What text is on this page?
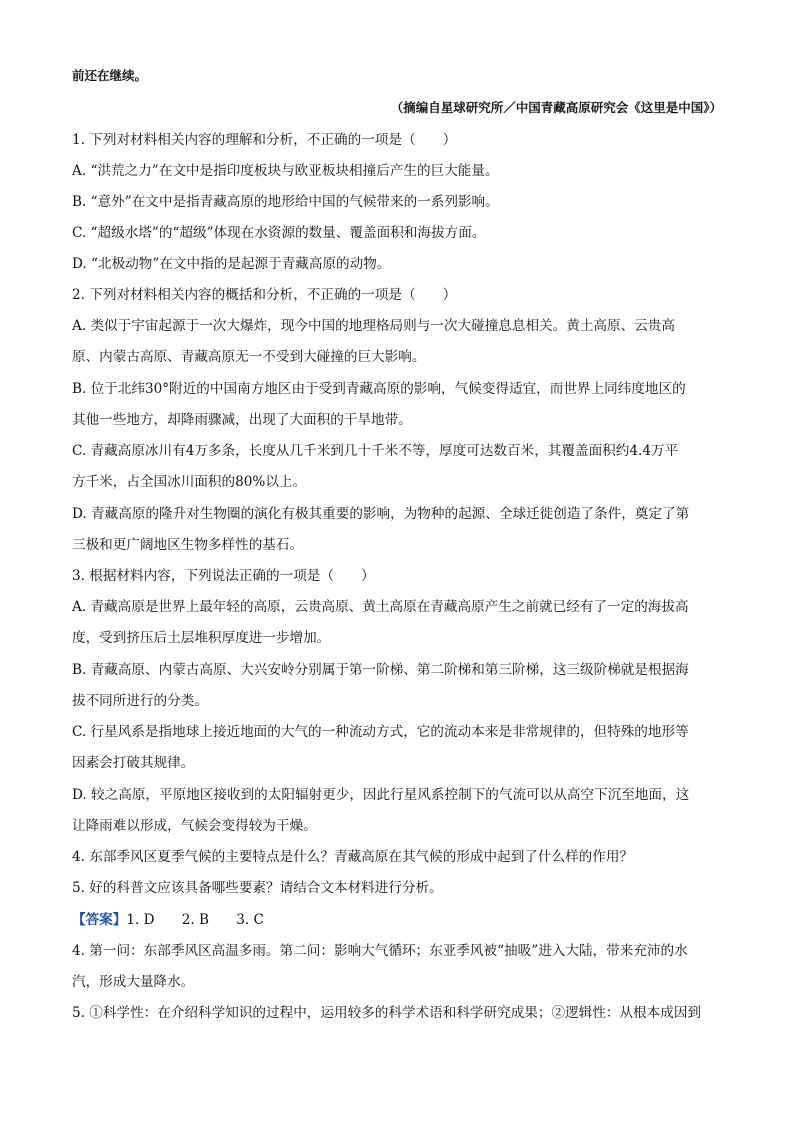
前还在继续。
（摘编自星球研究所／中国青藏高原研究会《这里是中国》）
1. 下列对材料相关内容的理解和分析，不正确的一项是（　　）
A. “洪荒之力”在文中是指印度板块与欧亚板块相撞后产生的巨大能量。
B. “意外”在文中是指青藏高原的地形给中国的气候带来的一系列影响。
C. “超级水塔”的“超级”体现在水资源的数量、覆盖面积和海拔方面。
D. “北极动物”在文中指的是起源于青藏高原的动物。
2. 下列对材料相关内容的概括和分析，不正确的一项是（　　）
A. 类似于宇宙起源于一次大爆炸，现今中国的地理格局则与一次大碰撞息息相关。黄土高原、云贵高
原、内蒙古高原、青藏高原无一不受到大碰撞的巨大影响。
B. 位于北纬30°附近的中国南方地区由于受到青藏高原的影响，气候变得适宜，而世界上同纬度地区的
其他一些地方，却降雨骤减，出现了大面积的干旱地带。
C. 青藏高原冰川有4万多条，长度从几千米到几十千米不等，厚度可达数百米，其覆盖面积约4.4万平
方千米，占全国冰川面积的80%以上。
D. 青藏高原的隆升对生物圈的演化有极其重要的影响，为物种的起源、全球迁徙创造了条件，奠定了第
三极和更广阔地区生物多样性的基石。
3. 根据材料内容，下列说法正确的一项是（　　）
A. 青藏高原是世界上最年轻的高原，云贵高原、黄土高原在青藏高原产生之前就已经有了一定的海拔高
度，受到挤压后土层堆积厚度进一步增加。
B. 青藏高原、内蒙古高原、大兴安岭分别属于第一阶梯、第二阶梯和第三阶梯，这三级阶梯就是根据海
拔不同所进行的分类。
C. 行星风系是指地球上接近地面的大气的一种流动方式，它的流动本来是非常规律的，但特殊的地形等
因素会打破其规律。
D. 较之高原，平原地区接收到的太阳辐射更少，因此行星风系控制下的气流可以从高空下沉至地面，这
让降雨难以形成，气候会变得较为干燥。
4. 东部季风区夏季气候的主要特点是什么？青藏高原在其气候的形成中起到了什么样的作用？
5. 好的科普文应该具备哪些要素？请结合文本材料进行分析。
【答案】1. D　　2. B　　3. C
4. 第一问：东部季风区高温多雨。第二问：影响大气循环；东亚季风被“抽吸”进入大陆，带来充沛的水
汽，形成大量降水。
5. ①科学性：在介绍科学知识的过程中，运用较多的科学术语和科学研究成果；②逻辑性：从根本成因到
